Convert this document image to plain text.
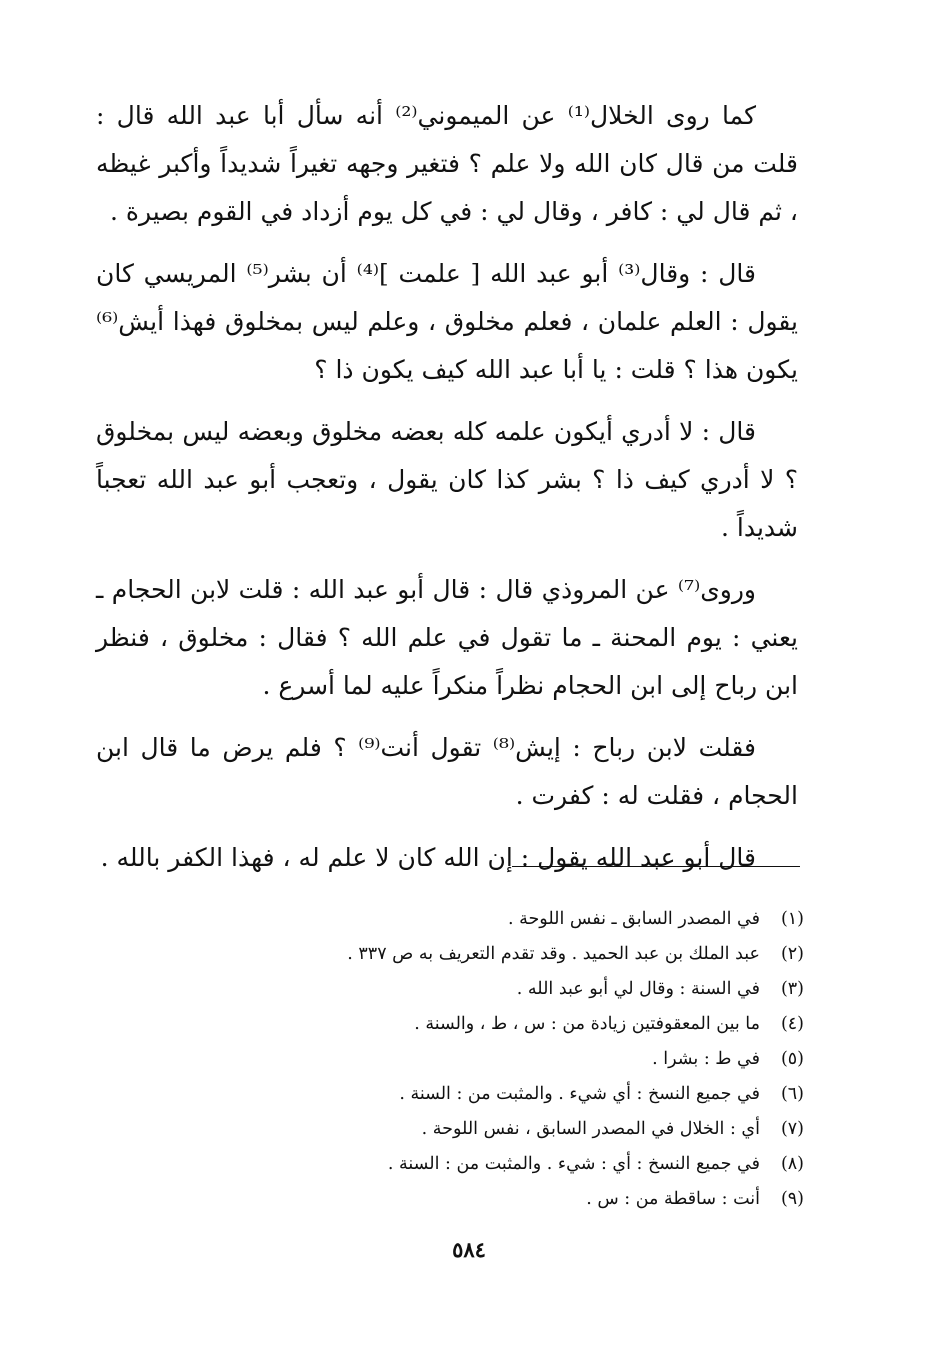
كما روى الخلال⁽¹⁾ عن الميموني⁽²⁾ أنه سأل أبا عبد الله قال : قلت من قال كان الله ولا علم ؟ فتغير وجهه تغيراً شديداً وأكبر غيظه ، ثم قال لي : كافر ، وقال لي : في كل يوم أزداد في القوم بصيرة .

قال : وقال⁽³⁾ أبو عبد الله [ علمت ]⁽⁴⁾ أن بشر⁽⁵⁾ المريسي كان يقول : العلم علمان ، فعلم مخلوق ، وعلم ليس بمخلوق فهذا أيش⁽⁶⁾ يكون هذا ؟ قلت : يا أبا عبد الله كيف يكون ذا ؟

قال : لا أدري أيكون علمه كله بعضه مخلوق وبعضه ليس بمخلوق ؟ لا أدري كيف ذا ؟ بشر كذا كان يقول ، وتعجب أبو عبد الله تعجباً شديداً .

وروى⁽⁷⁾ عن المروذي قال : قال أبو عبد الله : قلت لابن الحجام ـ يعني : يوم المحنة ـ ما تقول في علم الله ؟ فقال : مخلوق ، فنظر ابن رباح إلى ابن الحجام نظراً منكراً عليه لما أسرع .

فقلت لابن رباح : إيش⁽⁸⁾ تقول أنت⁽⁹⁾ ؟ فلم يرض ما قال ابن الحجام ، فقلت له : كفرت .

قال أبو عبد الله يقول : إن الله كان لا علم له ، فهذا الكفر بالله .

(١)
في المصدر السابق ـ نفس اللوحة .
(٢)
عبد الملك بن عبد الحميد . وقد تقدم التعريف به ص ٣٣٧ .
(٣)
في السنة : وقال لي أبو عبد الله .
(٤)
ما بين المعقوفتين زيادة من : س ، ط ، والسنة .
(٥)
في ط : بشرا .
(٦)
في جميع النسخ : أي شيء . والمثبت من : السنة .
(٧)
أي : الخلال في المصدر السابق ، نفس اللوحة .
(٨)
في جميع النسخ : أي : شيء . والمثبت من : السنة .
(٩)
أنت : ساقطة من : س .
٥٨٤
